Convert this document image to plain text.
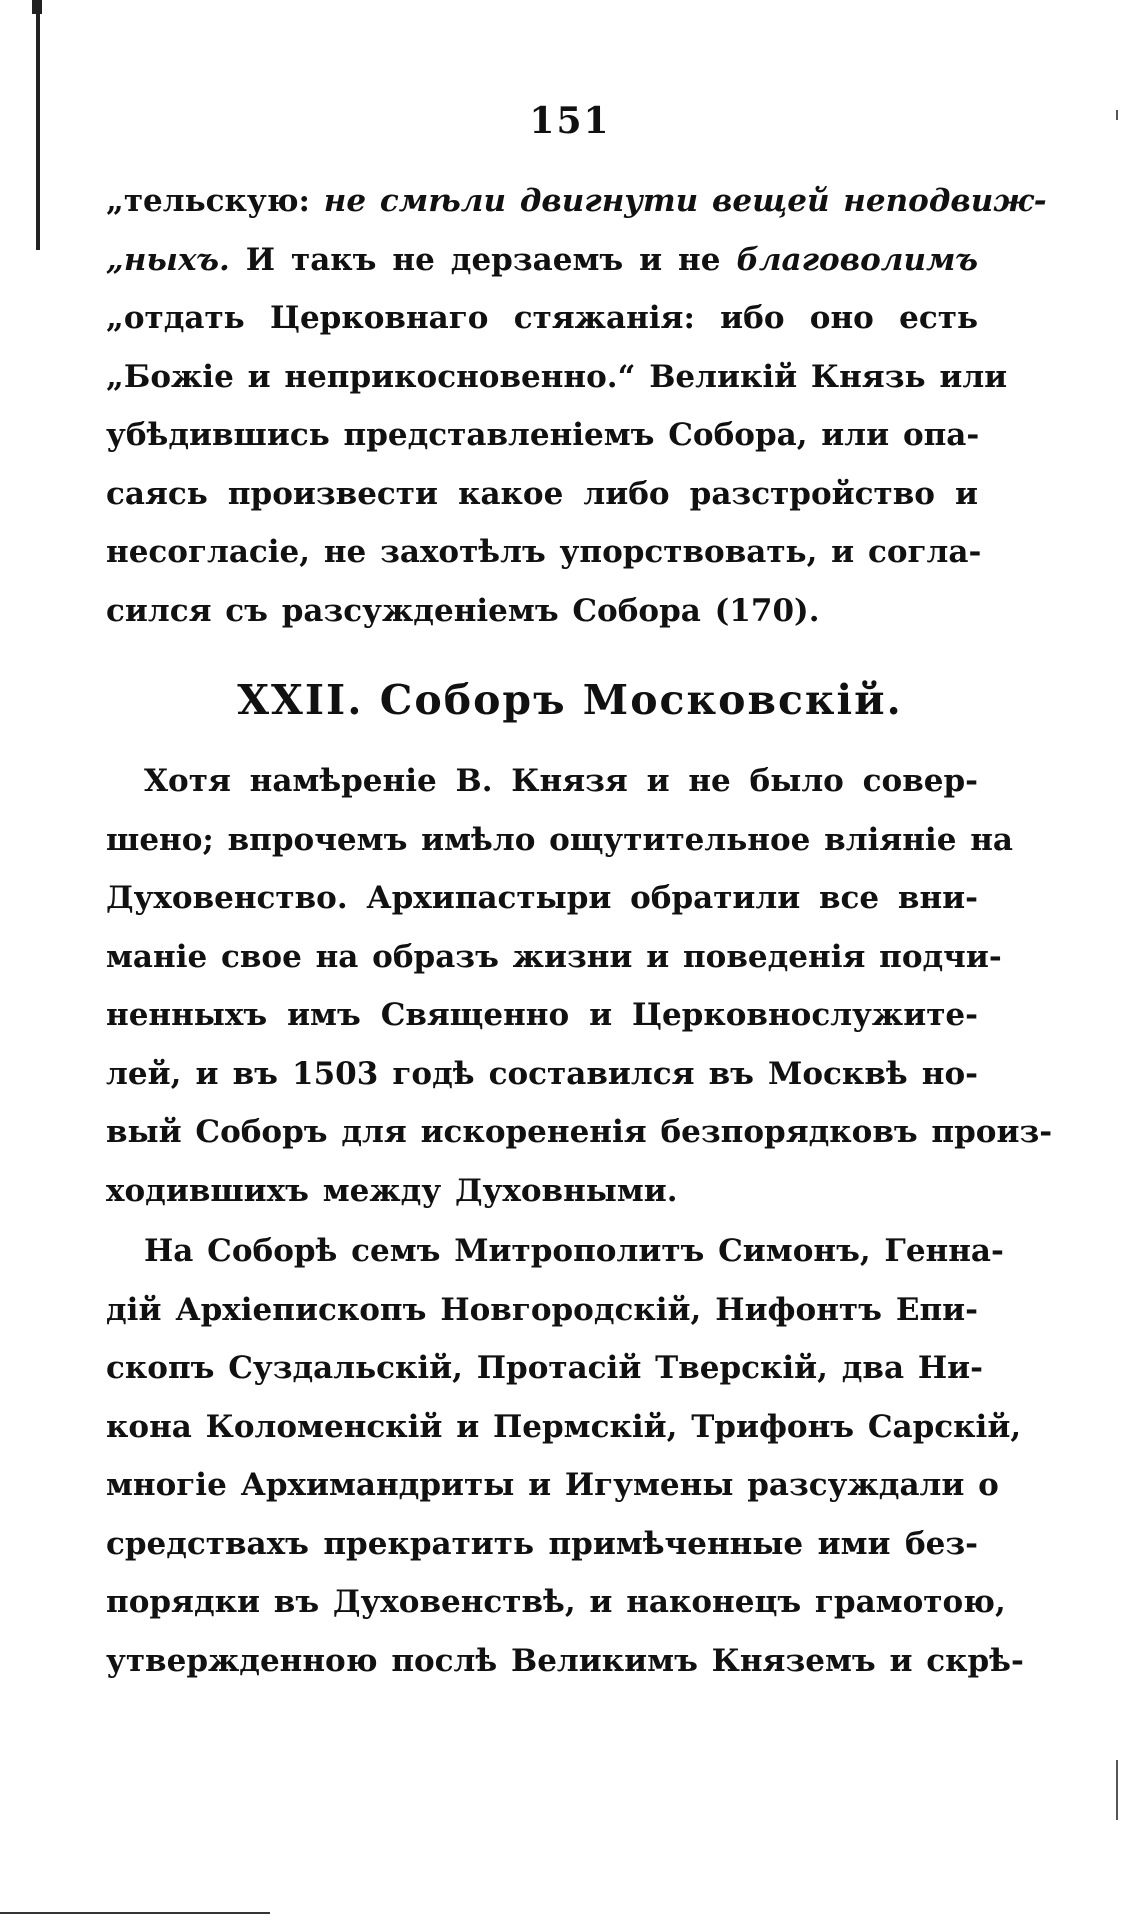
151
„тельскую: не смѣли двигнути вещей неподвиж-
„ныхъ. И такъ не дерзаемъ и не благоволимъ
„отдать Церковнаго стяжанія: ибо оно есть
„Божіе и неприкосновенно.“ Великій Князь или
убѣдившись представленіемъ Собора, или опа-
саясь произвести какое либо разстройство и
несогласіе, не захотѣлъ упорствовать, и согла-
сился съ разсужденіемъ Собора (170).
XXII. Соборъ Московскій.
Хотя намѣреніе В. Князя и не было совер-
шено; впрочемъ имѣло ощутительное вліяніе на
Духовенство. Архипастыри обратили все вни-
маніе свое на образъ жизни и поведенія подчи-
ненныхъ имъ Священно и Церковнослужите-
лей, и въ 1503 годѣ составился въ Москвѣ но-
вый Соборъ для искорененія безпорядковъ произ-
ходившихъ между Духовными.
На Соборѣ семъ Митрополитъ Симонъ, Генна-
дій Архіепископъ Новгородскій, Нифонтъ Епи-
скопъ Суздальскій, Протасій Тверскій, два Ни-
кона Коломенскій и Пермскій, Трифонъ Сарскій,
многіе Архимандриты и Игумены разсуждали о
средствахъ прекратить примѣченные ими без-
порядки въ Духовенствѣ, и наконецъ грамотою,
утвержденною послѣ Великимъ Княземъ и скрѣ-
